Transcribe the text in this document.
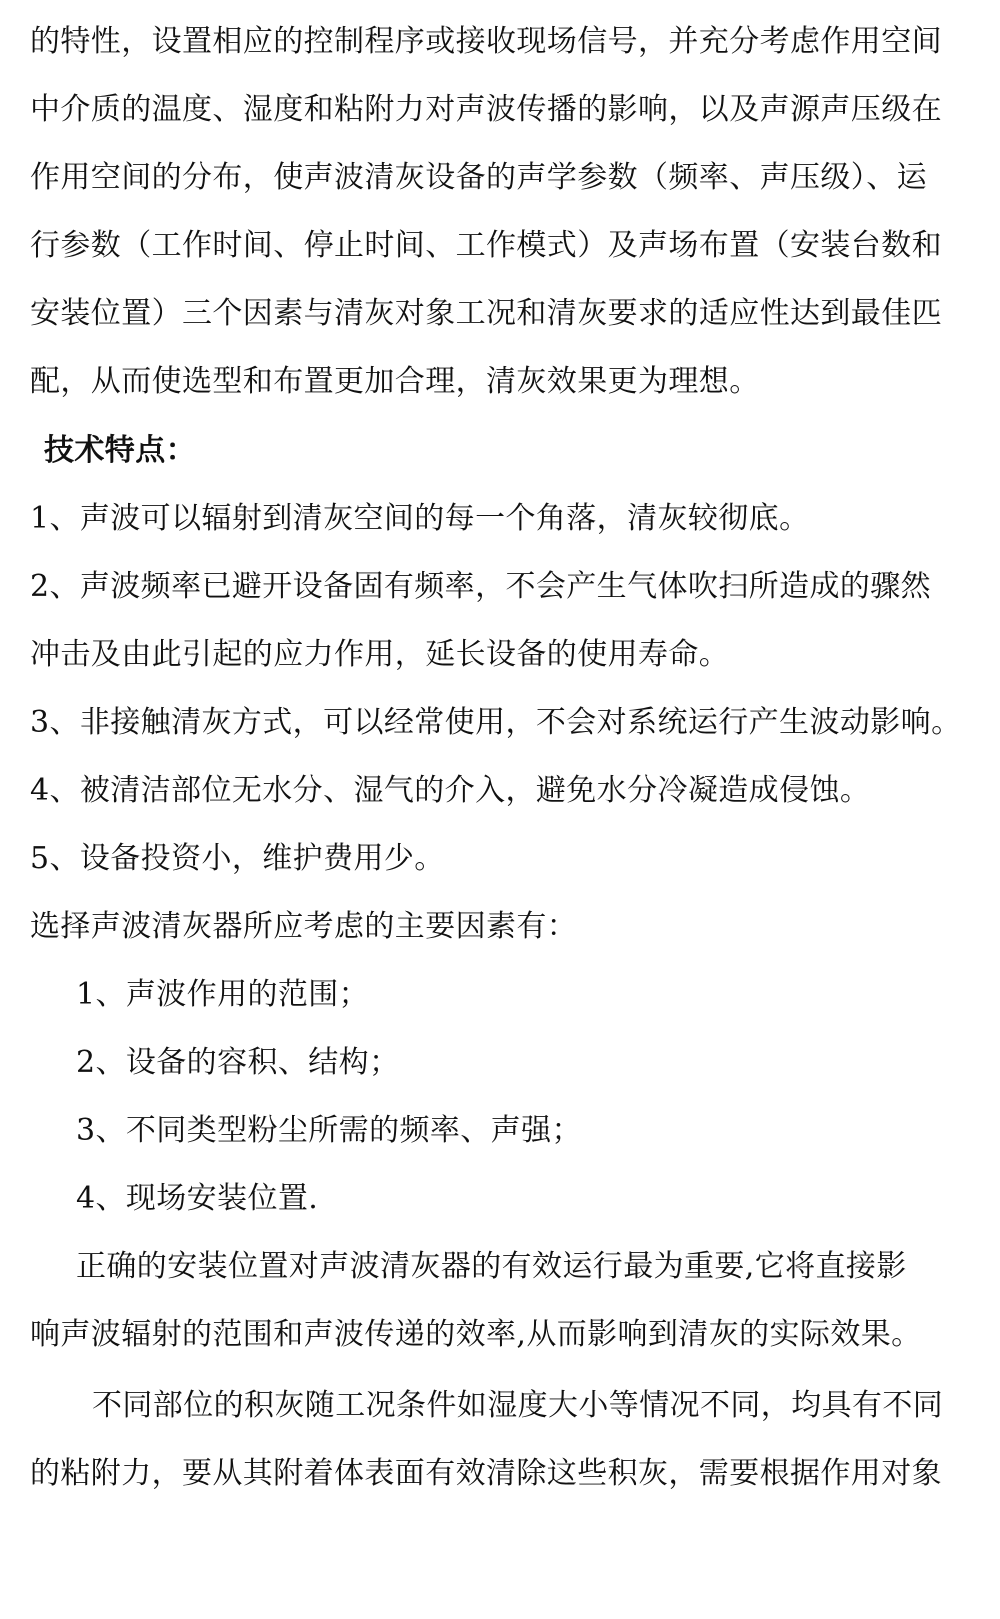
的特性，设置相应的控制程序或接收现场信号，并充分考虑作用空间
中介质的温度、湿度和粘附力对声波传播的影响，以及声源声压级在
作用空间的分布，使声波清灰设备的声学参数（频率、声压级）、运
行参数（工作时间、停止时间、工作模式）及声场布置（安装台数和
安装位置）三个因素与清灰对象工况和清灰要求的适应性达到最佳匹
配，从而使选型和布置更加合理，清灰效果更为理想。
技术特点：
1、声波可以辐射到清灰空间的每一个角落，清灰较彻底。
2、声波频率已避开设备固有频率，不会产生气体吹扫所造成的骤然
冲击及由此引起的应力作用，延长设备的使用寿命。
3、非接触清灰方式，可以经常使用，不会对系统运行产生波动影响。
4、被清洁部位无水分、湿气的介入，避免水分冷凝造成侵蚀。
5、设备投资小，维护费用少。
选择声波清灰器所应考虑的主要因素有：
1、声波作用的范围；
2、设备的容积、结构；
3、不同类型粉尘所需的频率、声强；
4、现场安装位置.
正确的安装位置对声波清灰器的有效运行最为重要,它将直接影
响声波辐射的范围和声波传递的效率,从而影响到清灰的实际效果。
不同部位的积灰随工况条件如湿度大小等情况不同，均具有不同
的粘附力，要从其附着体表面有效清除这些积灰，需要根据作用对象
